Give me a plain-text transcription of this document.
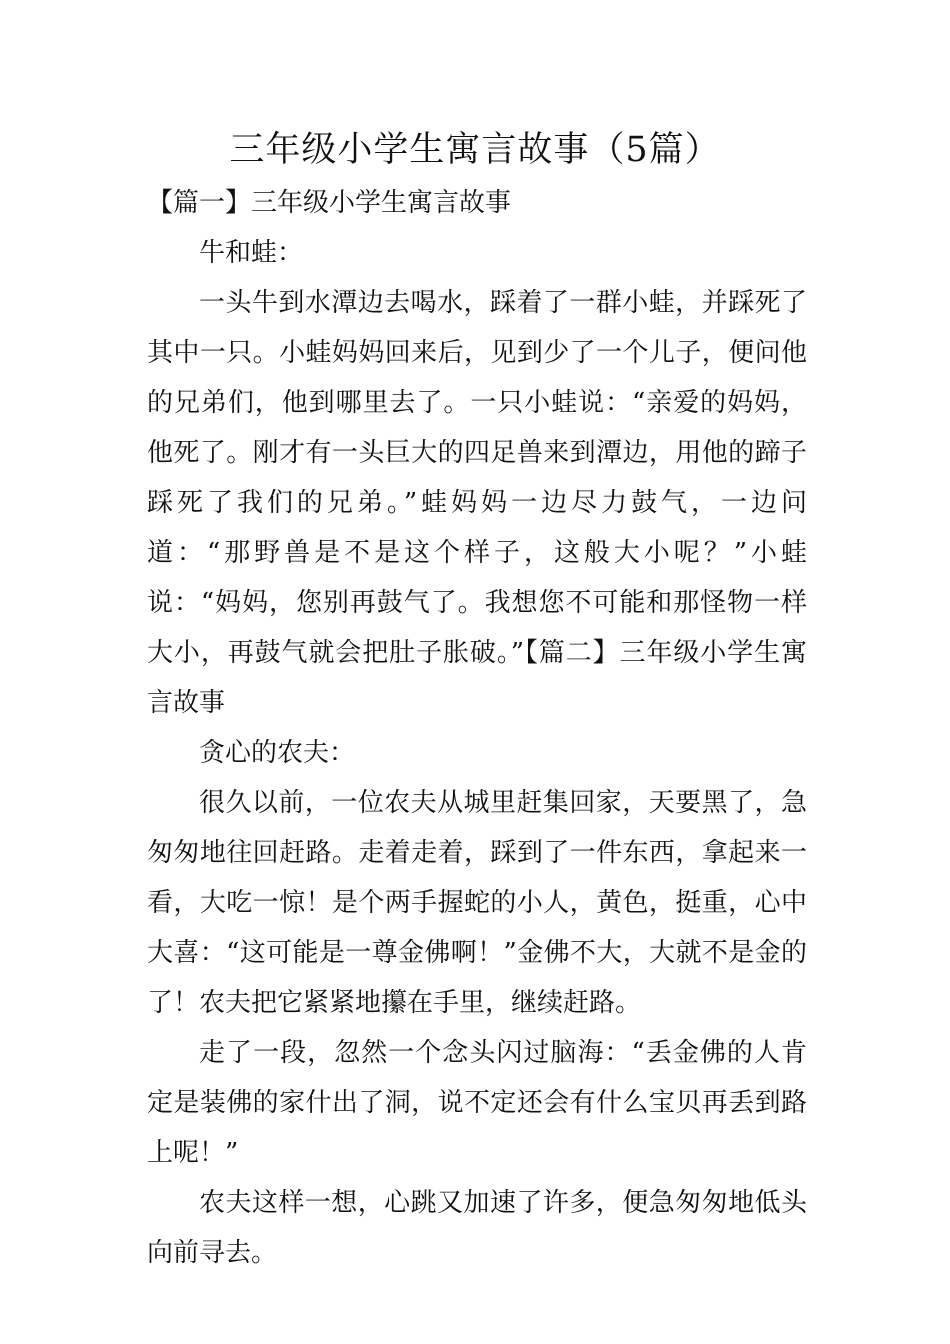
三年级小学生寓言故事（5篇）

【篇一】三年级小学生寓言故事

牛和蛙：

一头牛到水潭边去喝水，踩着了一群小蛙，并踩死了其中一只。小蛙妈妈回来后，见到少了一个儿子，便问他的兄弟们，他到哪里去了。一只小蛙说：“亲爱的妈妈，他死了。刚才有一头巨大的四足兽来到潭边，用他的蹄子踩死了我们的兄弟。”蛙妈妈一边尽力鼓气，一边问道：“那野兽是不是这个样子，这般大小呢？”小蛙说：“妈妈，您别再鼓气了。我想您不可能和那怪物一样大小，再鼓气就会把肚子胀破。”【篇二】三年级小学生寓言故事

贪心的农夫：

很久以前，一位农夫从城里赶集回家，天要黑了，急匆匆地往回赶路。走着走着，踩到了一件东西，拿起来一看，大吃一惊！是个两手握蛇的小人，黄色，挺重，心中大喜：“这可能是一尊金佛啊！”金佛不大，大就不是金的了！农夫把它紧紧地攥在手里，继续赶路。

走了一段，忽然一个念头闪过脑海：“丢金佛的人肯定是装佛的家什出了洞，说不定还会有什么宝贝再丢到路上呢！”

农夫这样一想，心跳又加速了许多，便急匆匆地低头向前寻去。
